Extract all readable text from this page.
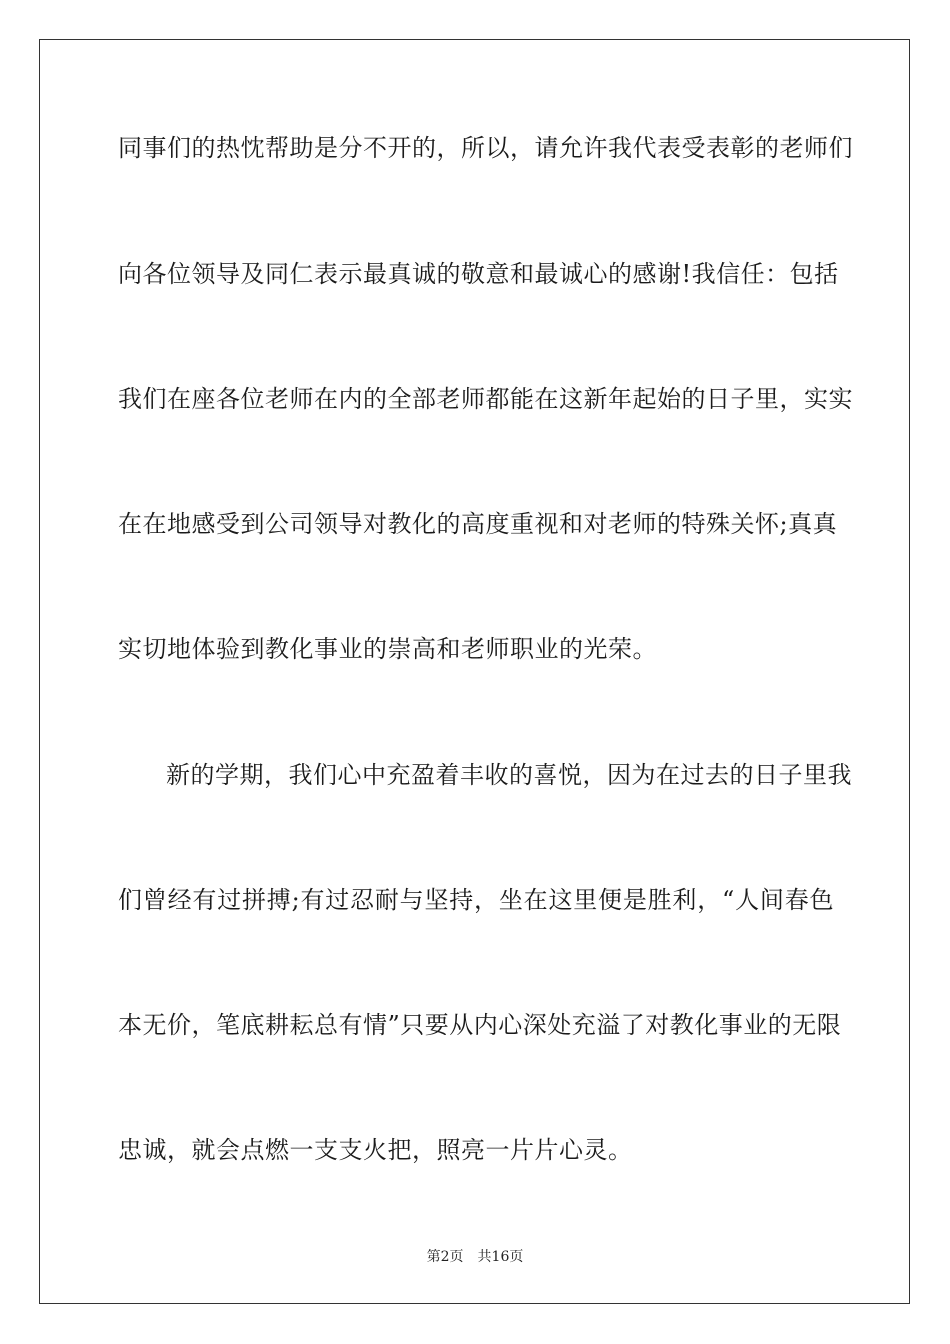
同事们的热忱帮助是分不开的，所以，请允许我代表受表彰的老师们
向各位领导及同仁表示最真诚的敬意和最诚心的感谢!我信任：包括
我们在座各位老师在内的全部老师都能在这新年起始的日子里，实实
在在地感受到公司领导对教化的高度重视和对老师的特殊关怀;真真
实切地体验到教化事业的崇高和老师职业的光荣。
新的学期，我们心中充盈着丰收的喜悦，因为在过去的日子里我
们曾经有过拼搏;有过忍耐与坚持，坐在这里便是胜利，“人间春色
本无价，笔底耕耘总有情”只要从内心深处充溢了对教化事业的无限
忠诚，就会点燃一支支火把，照亮一片片心灵。
第2页 共16页
